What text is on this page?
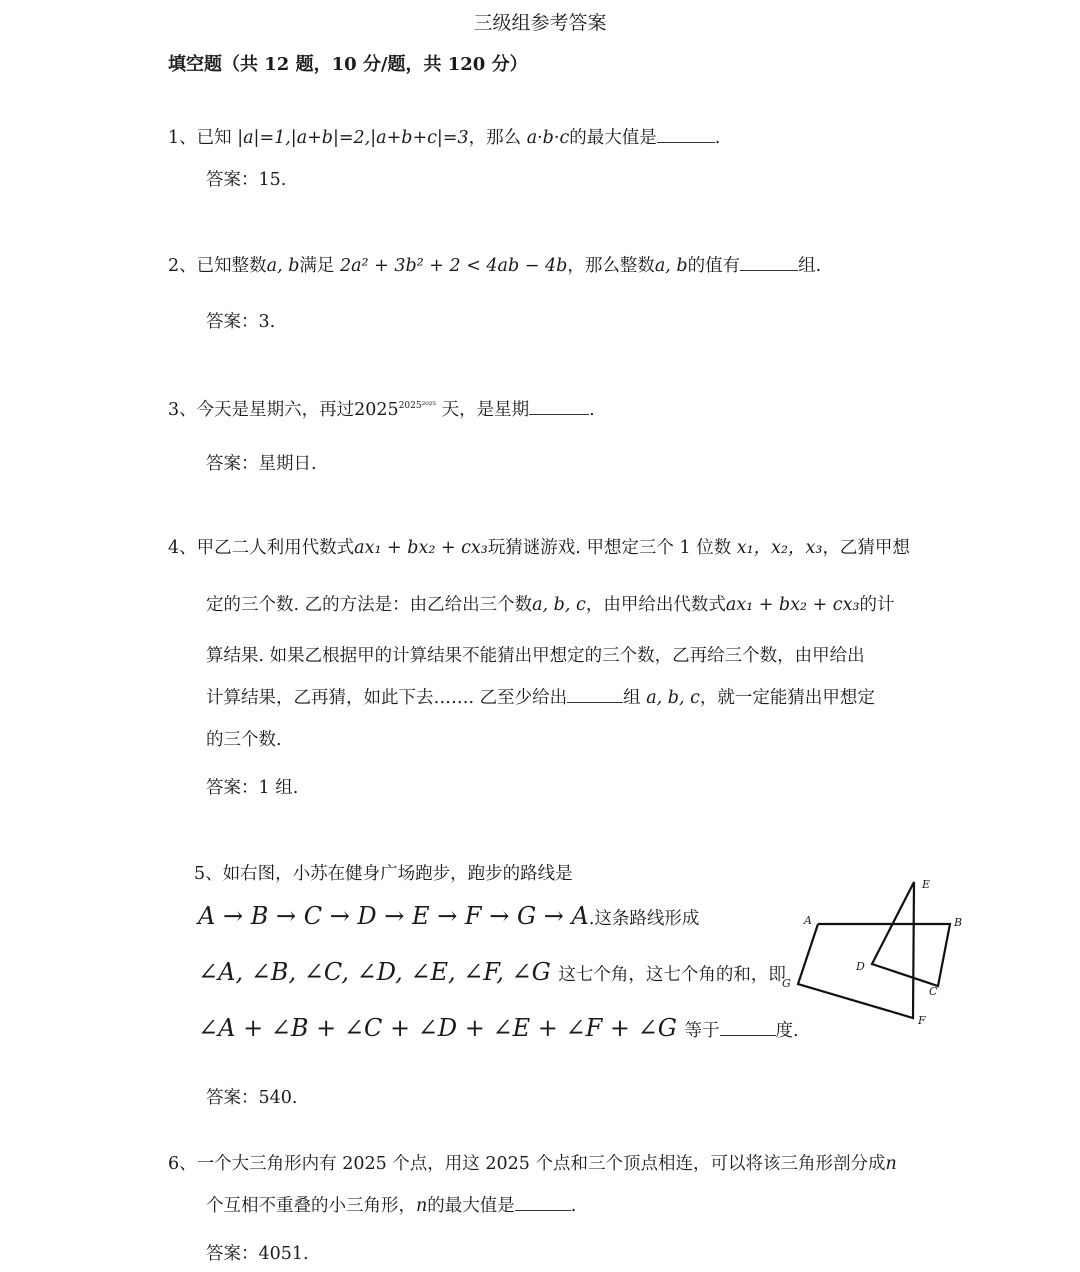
三级组参考答案
填空题（共 12 题，10 分/题，共 120 分）
1、已知 |a|=1,|a+b|=2,|a+b+c|=3，那么 a·b·c的最大值是	.
答案：15.
2、已知整数a, b满足 2a² + 3b² + 2 < 4ab − 4b，那么整数a, b的值有	组.
答案：3.
3、今天是星期六，再过$2025^{2025^{2025}}$ 天，是星期	.
答案：星期日.
4、甲乙二人利用代数式ax₁ + bx₂ + cx₃玩猜谜游戏. 甲想定三个 1 位数 x₁，x₂，x₃，乙猜甲想
定的三个数. 乙的方法是：由乙给出三个数a, b, c，由甲给出代数式ax₁ + bx₂ + cx₃的计
算结果. 如果乙根据甲的计算结果不能猜出甲想定的三个数，乙再给三个数，由甲给出
计算结果，乙再猜，如此下去……. 乙至少给出	组 a, b, c，就一定能猜出甲想定
的三个数.
答案：1 组.
5、如右图，小苏在健身广场跑步，跑步的路线是
A → B → C → D → E → F → G → A.这条路线形成
∠A, ∠B, ∠C, ∠D, ∠E, ∠F, ∠G 这七个角，这七个角的和，即
∠A + ∠B + ∠C + ∠D + ∠E + ∠F + ∠G 等于	度.
答案：540.
A	B
C
D
E
F
G
6、一个大三角形内有 2025 个点，用这 2025 个点和三个顶点相连，可以将该三角形剖分成n
个互相不重叠的小三角形，n的最大值是	.
答案：4051.
